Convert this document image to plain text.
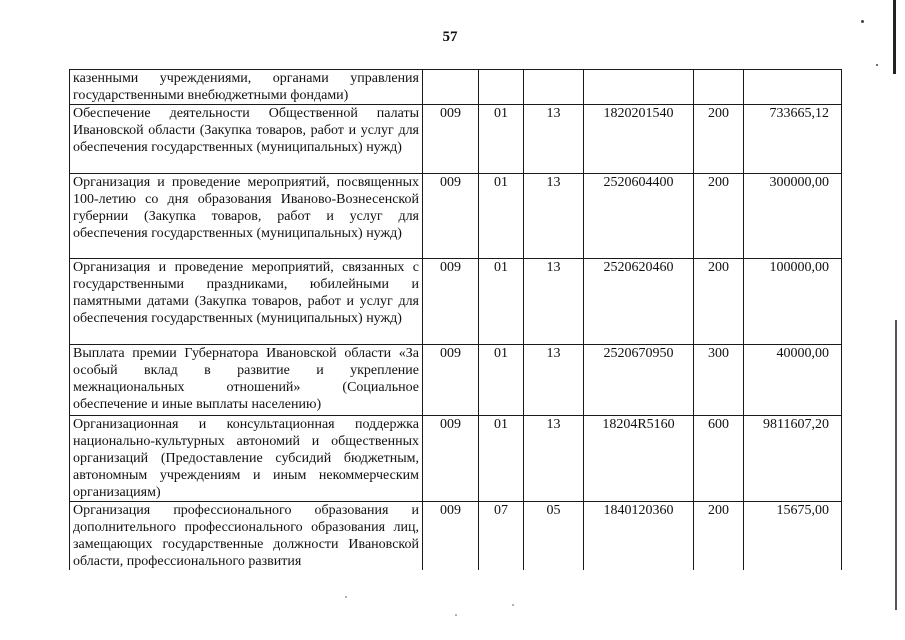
57
казенными учреждениями, органами управления государственными внебюджетными фондами)						
Обеспечение деятельности Общественной палаты Ивановской области (Закупка товаров, работ и услуг для обеспечения государственных (муниципальных) нужд)	009	01	13	1820201540	200	733665,12
Организация и проведение мероприятий, посвященных 100-летию со дня образования Иваново-Вознесенской губернии (Закупка товаров, работ и услуг для обеспечения государственных (муниципальных) нужд)	009	01	13	2520604400	200	300000,00
Организация и проведение мероприятий, связанных с государственными праздниками, юбилейными и памятными датами (Закупка товаров, работ и услуг для обеспечения государственных (муниципальных) нужд)	009	01	13	2520620460	200	100000,00
Выплата премии Губернатора Ивановской области «За особый вклад в развитие и укрепление межнациональных отношений» (Социальное обеспечение и иные выплаты населению)	009	01	13	2520670950	300	40000,00
Организационная и консультационная поддержка национально-культурных автономий и общественных организаций (Предоставление субсидий бюджетным, автономным учреждениям и иным некоммерческим организациям)	009	01	13	18204R5160	600	9811607,20
Организация профессионального образования и дополнительного профессионального образования лиц, замещающих государственные должности Ивановской области, профессионального развития	009	07	05	1840120360	200	15675,00
